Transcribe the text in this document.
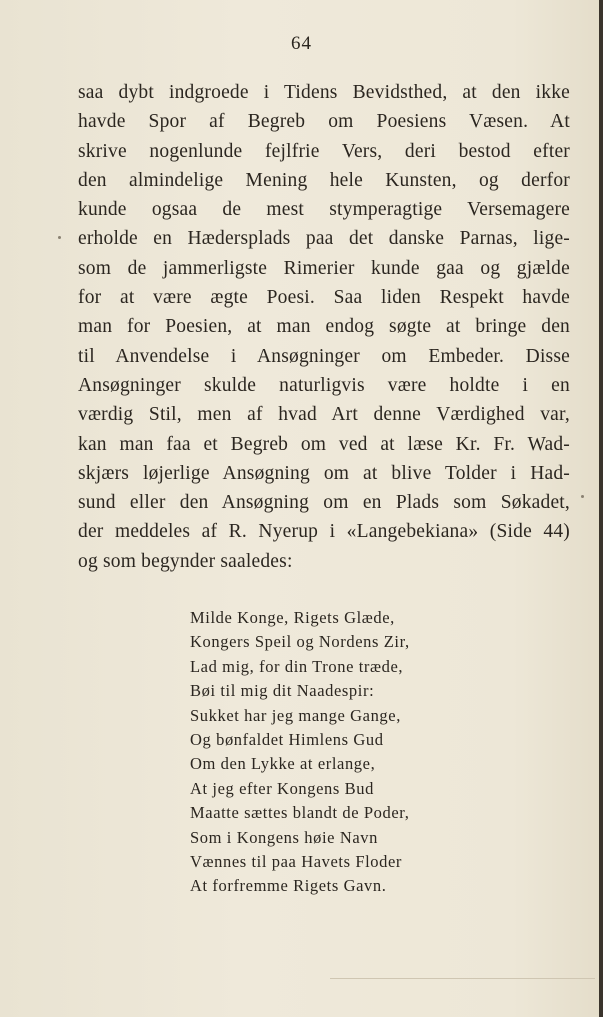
64
saa dybt indgroede i Tidens Bevidsthed, at den ikke
havde Spor af Begreb om Poesiens Væsen. At
skrive nogenlunde fejlfrie Vers, deri bestod efter
den almindelige Mening hele Kunsten, og derfor
kunde ogsaa de mest stymperagtige Versemagere
erholde en Hædersplads paa det danske Parnas, lige-
som de jammerligste Rimerier kunde gaa og gjælde
for at være ægte Poesi. Saa liden Respekt havde
man for Poesien, at man endog søgte at bringe den
til Anvendelse i Ansøgninger om Embeder. Disse
Ansøgninger skulde naturligvis være holdte i en
værdig Stil, men af hvad Art denne Værdighed var,
kan man faa et Begreb om ved at læse Kr. Fr. Wad-
skjærs løjerlige Ansøgning om at blive Tolder i Had-
sund eller den Ansøgning om en Plads som Søkadet,
der meddeles af R. Nyerup i «Langebekiana» (Side 44)
og som begynder saaledes:
Milde Konge, Rigets Glæde,
Kongers Speil og Nordens Zir,
Lad mig, for din Trone træde,
Bøi til mig dit Naadespir:
Sukket har jeg mange Gange,
Og bønfaldet Himlens Gud
Om den Lykke at erlange,
At jeg efter Kongens Bud
Maatte sættes blandt de Poder,
Som i Kongens høie Navn
Vænnes til paa Havets Floder
At forfremme Rigets Gavn.
